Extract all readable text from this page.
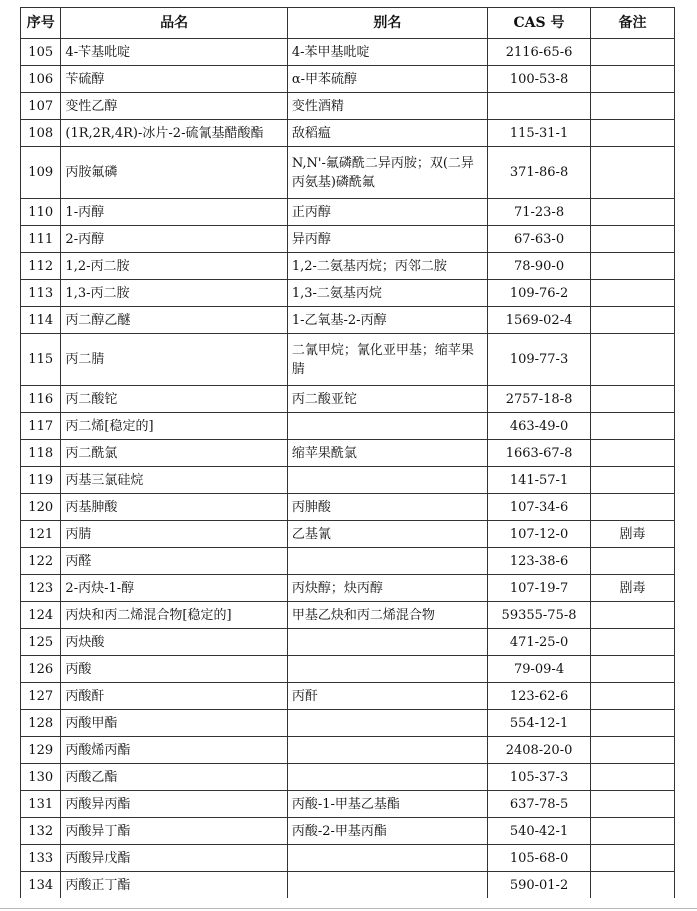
序号	品名	别名	CAS 号	备注
105	4-苄基吡啶	4-苯甲基吡啶	2116-65-6	
106	苄硫醇	α-甲苯硫醇	100-53-8	
107	变性乙醇	变性酒精		
108	(1R,2R,4R)-冰片-2-硫氰基醋酸酯	敌稻瘟	115-31-1	
109	丙胺氟磷	N,N'-氟磷酰二异丙胺；双(二异丙氨基)磷酰氟	371-86-8	
110	1-丙醇	正丙醇	71-23-8	
111	2-丙醇	异丙醇	67-63-0	
112	1,2-丙二胺	1,2-二氨基丙烷；丙邻二胺	78-90-0	
113	1,3-丙二胺	1,3-二氨基丙烷	109-76-2	
114	丙二醇乙醚	1-乙氧基-2-丙醇	1569-02-4	
115	丙二腈	二氰甲烷；氰化亚甲基；缩苹果腈	109-77-3	
116	丙二酸铊	丙二酸亚铊	2757-18-8	
117	丙二烯[稳定的]		463-49-0	
118	丙二酰氯	缩苹果酰氯	1663-67-8	
119	丙基三氯硅烷		141-57-1	
120	丙基胂酸	丙胂酸	107-34-6	
121	丙腈	乙基氰	107-12-0	剧毒
122	丙醛		123-38-6	
123	2-丙炔-1-醇	丙炔醇；炔丙醇	107-19-7	剧毒
124	丙炔和丙二烯混合物[稳定的]	甲基乙炔和丙二烯混合物	59355-75-8	
125	丙炔酸		471-25-0	
126	丙酸		79-09-4	
127	丙酸酐	丙酐	123-62-6	
128	丙酸甲酯		554-12-1	
129	丙酸烯丙酯		2408-20-0	
130	丙酸乙酯		105-37-3	
131	丙酸异丙酯	丙酸-1-甲基乙基酯	637-78-5	
132	丙酸异丁酯	丙酸-2-甲基丙酯	540-42-1	
133	丙酸异戊酯		105-68-0	
134	丙酸正丁酯		590-01-2	
